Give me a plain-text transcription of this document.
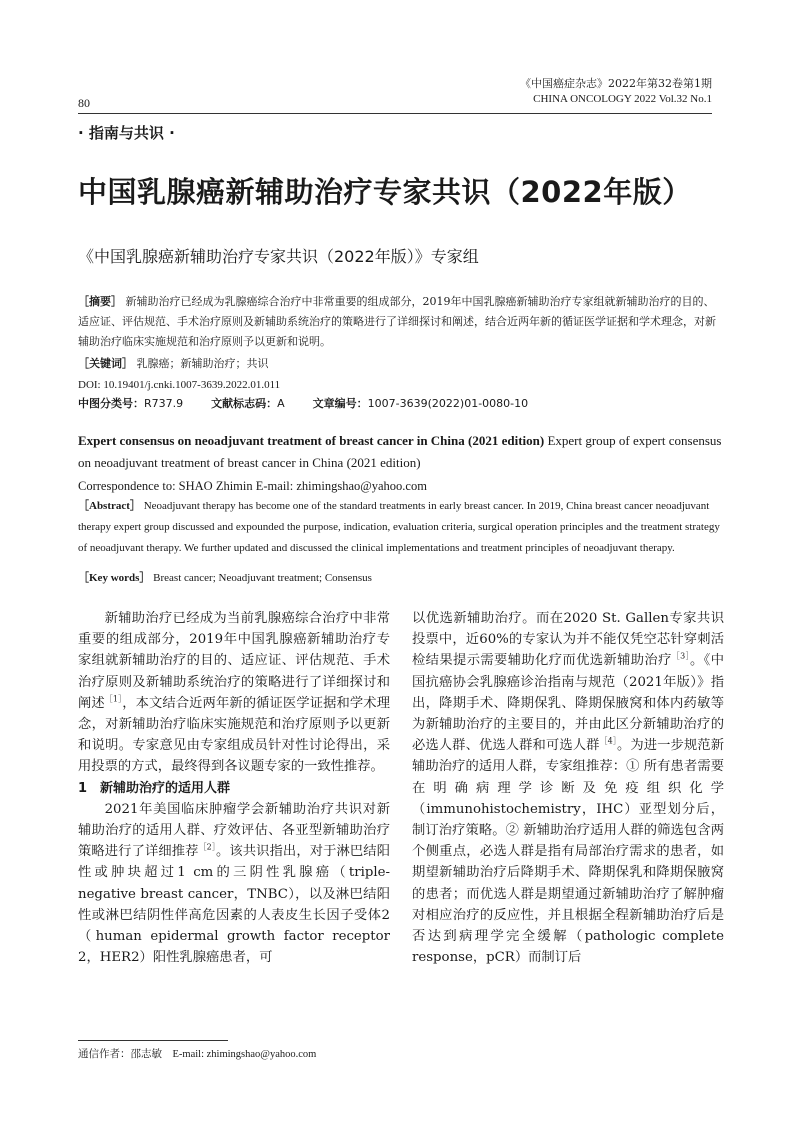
《中国癌症杂志》2022年第32卷第1期
CHINA ONCOLOGY 2022 Vol.32 No.1
80
· 指南与共识 ·
中国乳腺癌新辅助治疗专家共识（2022年版）
《中国乳腺癌新辅助治疗专家共识（2022年版）》专家组
［摘要］ 新辅助治疗已经成为乳腺癌综合治疗中非常重要的组成部分，2019年中国乳腺癌新辅助治疗专家组就新辅助治疗的目的、适应证、评估规范、手术治疗原则及新辅助系统治疗的策略进行了详细探讨和阐述，结合近两年新的循证医学证据和学术理念，对新辅助治疗临床实施规范和治疗原则予以更新和说明。
［关键词］ 乳腺癌；新辅助治疗；共识
DOI: 10.19401/j.cnki.1007-3639.2022.01.011
中图分类号：R737.9	文献标志码：A	文章编号：1007-3639(2022)01-0080-10
Expert consensus on neoadjuvant treatment of breast cancer in China (2021 edition) Expert group of expert consensus on neoadjuvant treatment of breast cancer in China (2021 edition)
Correspondence to: SHAO Zhimin E-mail: zhimingshao@yahoo.com
［Abstract］ Neoadjuvant therapy has become one of the standard treatments in early breast cancer. In 2019, China breast cancer neoadjuvant therapy expert group discussed and expounded the purpose, indication, evaluation criteria, surgical operation principles and the treatment strategy of neoadjuvant therapy. We further updated and discussed the clinical implementations and treatment principles of neoadjuvant therapy.
［Key words］ Breast cancer; Neoadjuvant treatment; Consensus

新辅助治疗已经成为当前乳腺癌综合治疗中非常重要的组成部分，2019年中国乳腺癌新辅助治疗专家组就新辅助治疗的目的、适应证、评估规范、手术治疗原则及新辅助系统治疗的策略进行了详细探讨和阐述$^{[1]}$，本文结合近两年新的循证医学证据和学术理念，对新辅助治疗临床实施规范和治疗原则予以更新和说明。专家意见由专家组成员针对性讨论得出，采用投票的方式，最终得到各议题专家的一致性推荐。

1　新辅助治疗的适用人群

2021年美国临床肿瘤学会新辅助治疗共识对新辅助治疗的适用人群、疗效评估、各亚型新辅助治疗策略进行了详细推荐$^{[2]}$。该共识指出，对于淋巴结阳性或肿块超过1 cm的三阴性乳腺癌（triple-negative breast cancer，TNBC），以及淋巴结阳性或淋巴结阴性伴高危因素的人表皮生长因子受体2（human epidermal growth factor receptor 2，HER2）阳性乳腺癌患者，可

以优选新辅助治疗。而在2020 St. Gallen专家共识投票中，近60%的专家认为并不能仅凭空芯针穿刺活检结果提示需要辅助化疗而优选新辅助治疗$^{[3]}$。《中国抗癌协会乳腺癌诊治指南与规范（2021年版）》指出，降期手术、降期保乳、降期保腋窝和体内药敏等为新辅助治疗的主要目的，并由此区分新辅助治疗的必选人群、优选人群和可选人群$^{[4]}$。为进一步规范新辅助治疗的适用人群，专家组推荐：① 所有患者需要在明确病理学诊断及免疫组织化学（immunohistochemistry，IHC）亚型划分后，制订治疗策略。② 新辅助治疗适用人群的筛选包含两个侧重点，必选人群是指有局部治疗需求的患者，如期望新辅助治疗后降期手术、降期保乳和降期保腋窝的患者；而优选人群是期望通过新辅助治疗了解肿瘤对相应治疗的反应性，并且根据全程新辅助治疗后是否达到病理学完全缓解（pathologic complete response，pCR）而制订后

通信作者：邵志敏　E-mail: zhimingshao@yahoo.com
